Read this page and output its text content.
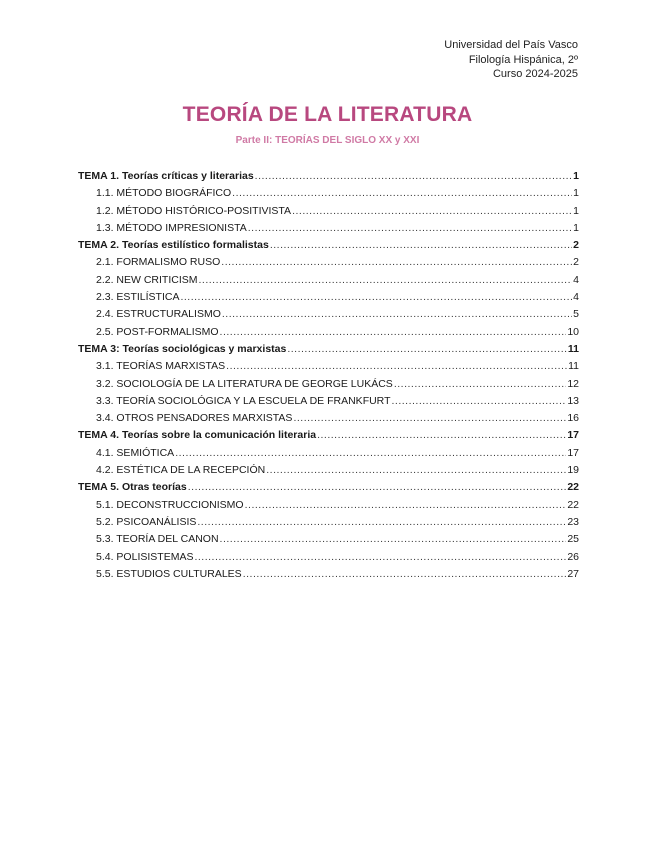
Universidad del País Vasco
Filología Hispánica, 2º
Curso 2024-2025
TEORÍA DE LA LITERATURA
Parte II: TEORÍAS DEL SIGLO XX y XXI
TEMA 1. Teorías críticas y literarias .....	1
1.1. MÉTODO BIOGRÁFICO .....	1
1.2. MÉTODO HISTÓRICO-POSITIVISTA .....	1
1.3. MÉTODO IMPRESIONISTA .....	1
TEMA 2. Teorías estilístico formalistas .....	2
2.1. FORMALISMO RUSO .....	2
2.2. NEW CRITICISM .....	4
2.3. ESTILÍSTICA .....	4
2.4. ESTRUCTURALISMO .....	5
2.5. POST-FORMALISMO .....	10
TEMA 3: Teorías sociológicas y marxistas .....	11
3.1. TEORÍAS MARXISTAS .....	11
3.2. SOCIOLOGÍA DE LA LITERATURA DE GEORGE LUKÁCS .....	12
3.3. TEORÍA SOCIOLÓGICA Y LA ESCUELA DE FRANKFURT .....	13
3.4. OTROS PENSADORES MARXISTAS .....	16
TEMA 4. Teorías sobre la comunicación literaria .....	17
4.1. SEMIÓTICA .....	17
4.2. ESTÉTICA DE LA RECEPCIÓN .....	19
TEMA 5. Otras teorías .....	22
5.1. DECONSTRUCCIONISMO .....	22
5.2. PSICOANÁLISIS .....	23
5.3. TEORÍA DEL CANON .....	25
5.4. POLISISTEMAS .....	26
5.5. ESTUDIOS CULTURALES .....	27
